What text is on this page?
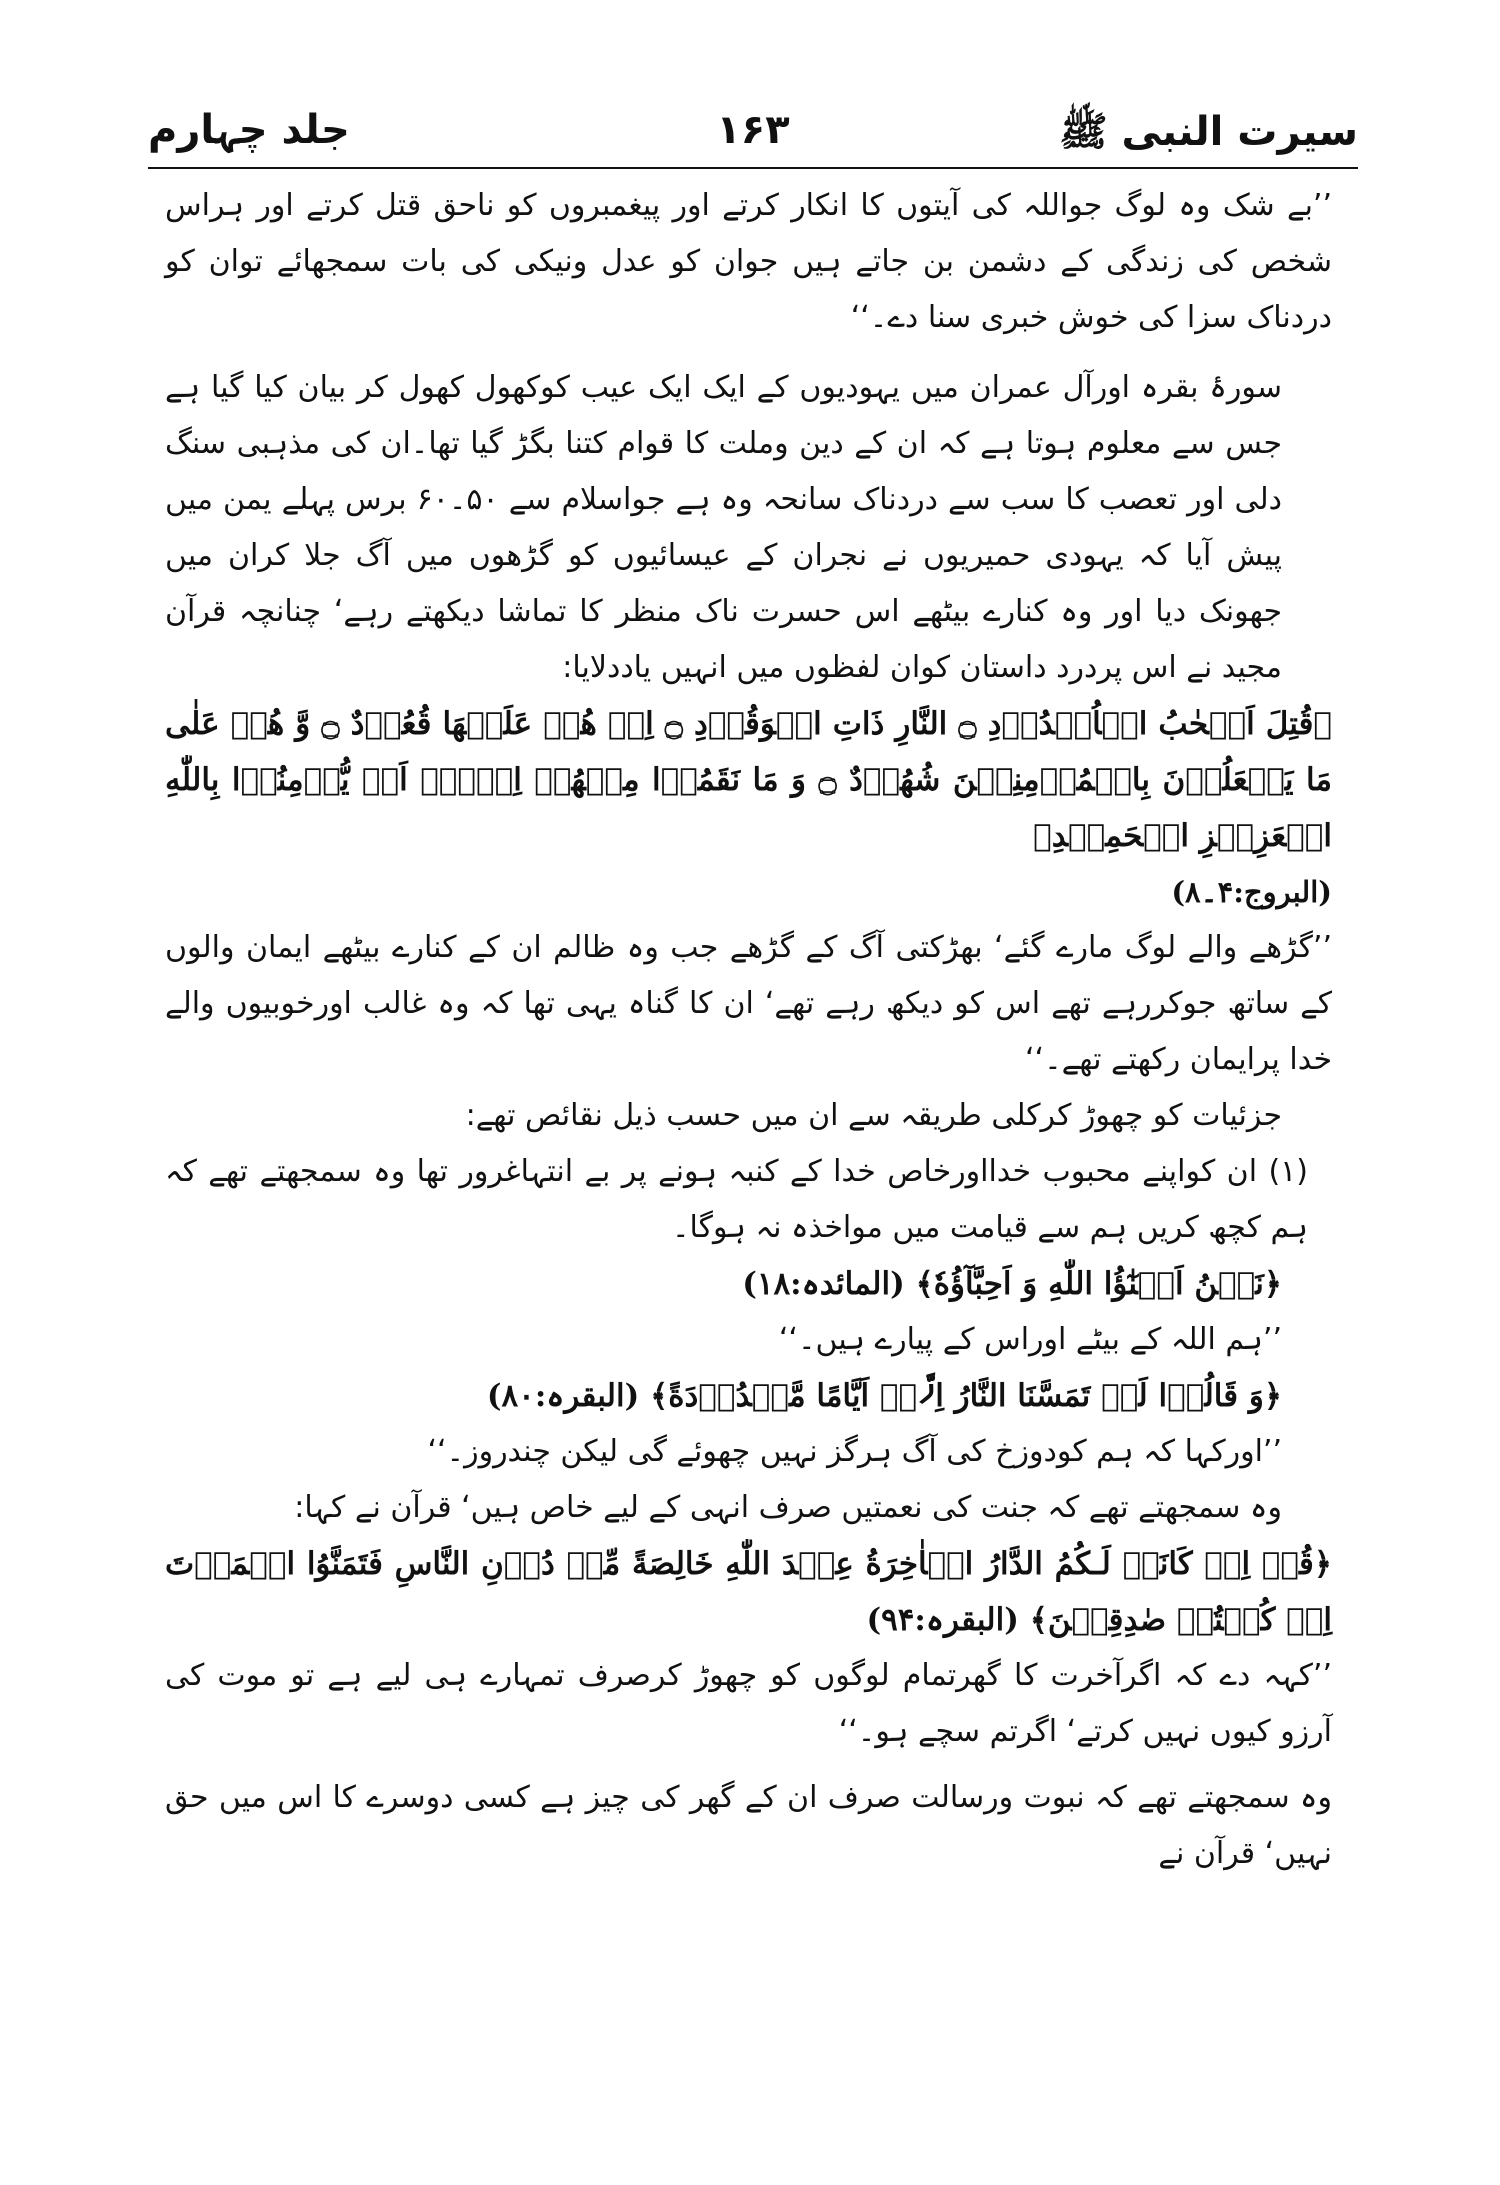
سیرت النبی ﷺ
۱۶۳
جلد چہارم

’’بے شک وہ لوگ جواللہ کی آیتوں کا انکار کرتے اور پیغمبروں کو ناحق قتل کرتے اور ہراس شخص کی زندگی کے دشمن بن جاتے ہیں جوان کو عدل ونیکی کی بات سمجھائے توان کو دردناک سزا کی خوش خبری سنا دے۔‘‘

سورۂ بقرہ اورآل عمران میں یہودیوں کے ایک ایک عیب کوکھول کھول کر بیان کیا گیا ہے جس سے معلوم ہوتا ہے کہ ان کے دین وملت کا قوام کتنا بگڑ گیا تھا۔ان کی مذہبی سنگ دلی اور تعصب کا سب سے دردناک سانحہ وہ ہے جواسلام سے ۵۰۔۶۰ برس پہلے یمن میں پیش آیا کہ یہودی حمیریوں نے نجران کے عیسائیوں کو گڑھوں میں آگ جلا کران میں جھونک دیا اور وہ کنارے بیٹھے اس حسرت ناک منظر کا تماشا دیکھتے رہے‘ چنانچہ قرآن مجید نے اس پردرد داستان کوان لفظوں میں انہیں یاددلایا:

﴿قُتِلَ اَصۡحٰبُ الۡاُخۡدُوۡدِ ۝ النَّارِ ذَاتِ الۡوَقُوۡدِ ۝ اِذۡ هُمۡ عَلَيۡهَا قُعُوۡدٌ ۝ وَّ هُمۡ عَلٰى مَا يَفۡعَلُوۡنَ بِالۡمُؤۡمِنِيۡنَ شُهُوۡدٌ ۝ وَ مَا نَقَمُوۡا مِنۡهُمۡ اِلَّاۤ اَنۡ يُّؤۡمِنُوۡا بِاللّٰهِ الۡعَزِيۡزِ الۡحَمِيۡدِ﴾

(البروج:۴۔۸)

’’گڑھے والے لوگ مارے گئے‘ بھڑکتی آگ کے گڑھے جب وہ ظالم ان کے کنارے بیٹھے ایمان والوں کے ساتھ جوکررہے تھے اس کو دیکھ رہے تھے‘ ان کا گناہ یہی تھا کہ وہ غالب اورخوبیوں والے خدا پرایمان رکھتے تھے۔‘‘

جزئیات کو چھوڑ کرکلی طریقہ سے ان میں حسب ذیل نقائص تھے:

(۱) ان کواپنے محبوب خدااورخاص خدا کے کنبہ ہونے پر بے انتہاغرور تھا وہ سمجھتے تھے کہ ہم کچھ کریں ہم سے قیامت میں مواخذہ نہ ہوگا۔

﴿نَحۡنُ اَبۡنٰٓؤُا اللّٰهِ وَ اَحِبَّآؤُهٗ﴾ (المائدہ:۱۸)

’’ہم اللہ کے بیٹے اوراس کے پیارے ہیں۔‘‘

﴿وَ قَالُوۡا لَنۡ تَمَسَّنَا النَّارُ اِلَّاۤ اَيَّامًا مَّعۡدُوۡدَةً﴾ (البقرہ:۸۰)

’’اورکہا کہ ہم کودوزخ کی آگ ہرگز نہیں چھوئے گی لیکن چندروز۔‘‘

وہ سمجھتے تھے کہ جنت کی نعمتیں صرف انہی کے لیے خاص ہیں‘ قرآن نے کہا:

﴿قُلۡ اِنۡ كَانَتۡ لَـكُمُ الدَّارُ الۡاٰخِرَةُ عِنۡدَ اللّٰهِ خَالِصَةً مِّنۡ دُوۡنِ النَّاسِ فَتَمَنَّوُا الۡمَوۡتَ اِنۡ كُنۡتُمۡ صٰدِقِيۡنَ﴾ (البقرہ:۹۴)

’’کہہ دے کہ اگرآخرت کا گھرتمام لوگوں کو چھوڑ کرصرف تمہارے ہی لیے ہے تو موت کی آرزو کیوں نہیں کرتے‘ اگرتم سچے ہو۔‘‘

وہ سمجھتے تھے کہ نبوت ورسالت صرف ان کے گھر کی چیز ہے کسی دوسرے کا اس میں حق نہیں‘ قرآن نے
